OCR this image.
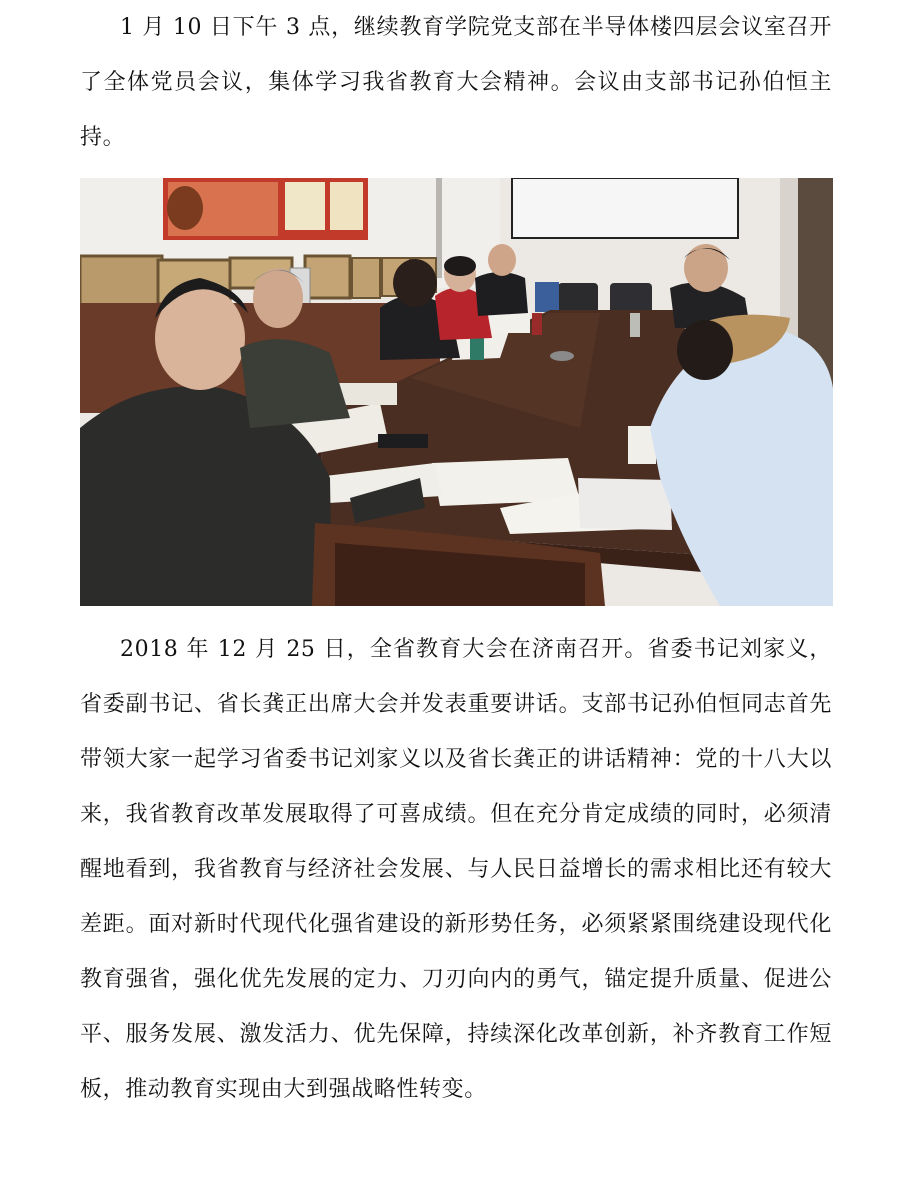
1 月 10 日下午 3 点，继续教育学院党支部在半导体楼四层会议室召开了全体党员会议，集体学习我省教育大会精神。会议由支部书记孙伯恒主持。

2018 年 12 月 25 日，全省教育大会在济南召开。省委书记刘家义，省委副书记、省长龚正出席大会并发表重要讲话。支部书记孙伯恒同志首先带领大家一起学习省委书记刘家义以及省长龚正的讲话精神：党的十八大以来，我省教育改革发展取得了可喜成绩。但在充分肯定成绩的同时，必须清醒地看到，我省教育与经济社会发展、与人民日益增长的需求相比还有较大差距。面对新时代现代化强省建设的新形势任务，必须紧紧围绕建设现代化教育强省，强化优先发展的定力、刀刃向内的勇气，锚定提升质量、促进公平、服务发展、激发活力、优先保障，持续深化改革创新，补齐教育工作短板，推动教育实现由大到强战略性转变。
